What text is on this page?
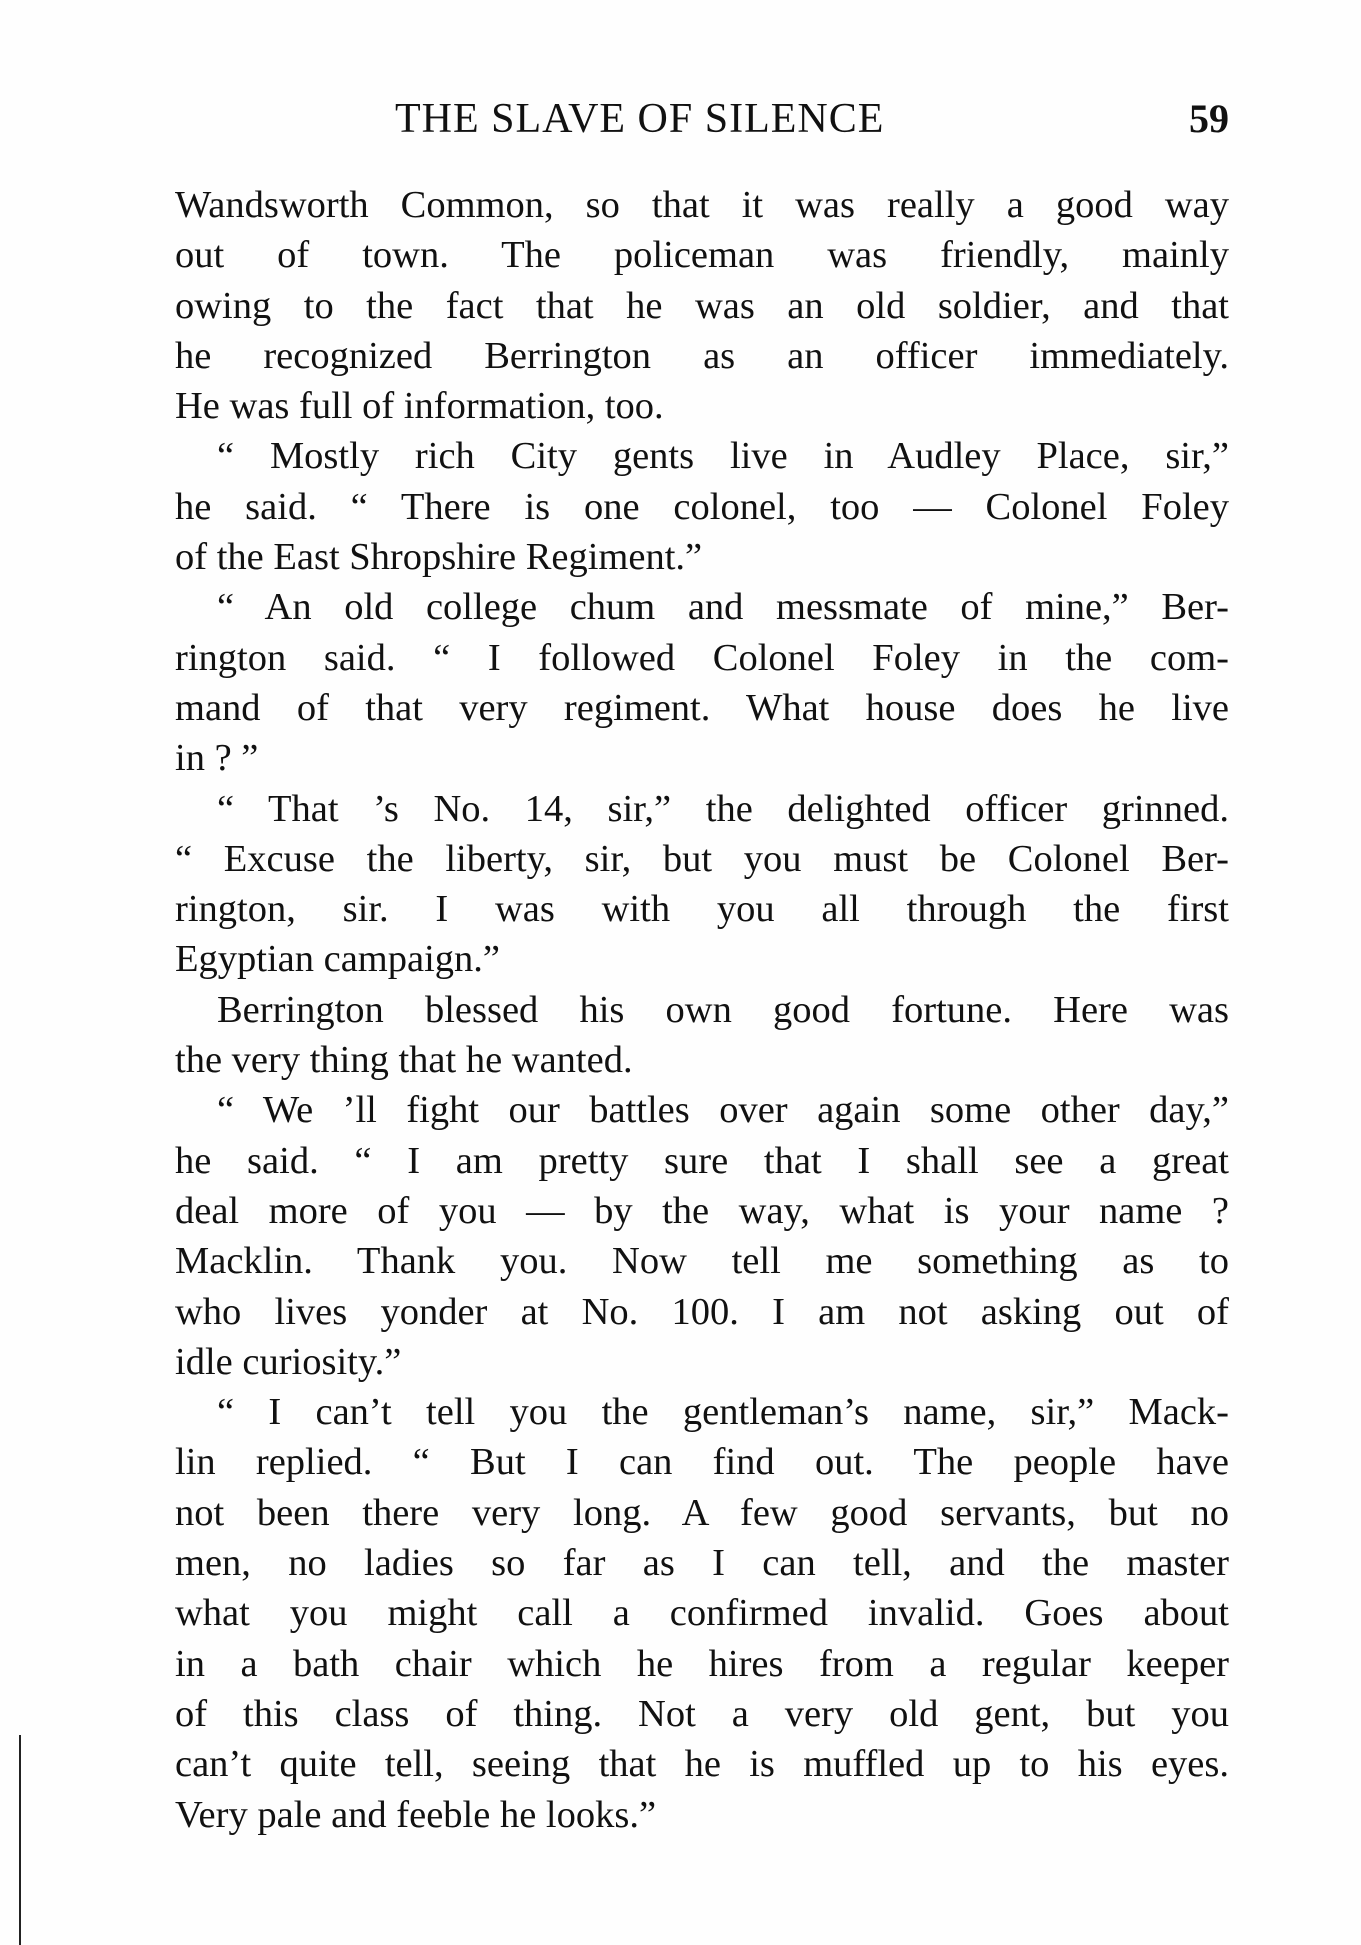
THE SLAVE OF SILENCE	59
Wandsworth Common, so that it was really a good way
out of town. The policeman was friendly, mainly
owing to the fact that he was an old soldier, and that
he recognized Berrington as an officer immediately.
He was full of information, too.
“ Mostly rich City gents live in Audley Place, sir,”
he said. “ There is one colonel, too — Colonel Foley
of the East Shropshire Regiment.”
“ An old college chum and messmate of mine,” Ber-
rington said. “ I followed Colonel Foley in the com-
mand of that very regiment. What house does he live
in ? ”
“ That ’s No. 14, sir,” the delighted officer grinned.
“ Excuse the liberty, sir, but you must be Colonel Ber-
rington, sir. I was with you all through the first
Egyptian campaign.”
Berrington blessed his own good fortune. Here was
the very thing that he wanted.
“ We ’ll fight our battles over again some other day,”
he said. “ I am pretty sure that I shall see a great
deal more of you — by the way, what is your name ?
Macklin. Thank you. Now tell me something as to
who lives yonder at No. 100. I am not asking out of
idle curiosity.”
“ I can’t tell you the gentleman’s name, sir,” Mack-
lin replied. “ But I can find out. The people have
not been there very long. A few good servants, but no
men, no ladies so far as I can tell, and the master
what you might call a confirmed invalid. Goes about
in a bath chair which he hires from a regular keeper
of this class of thing. Not a very old gent, but you
can’t quite tell, seeing that he is muffled up to his eyes.
Very pale and feeble he looks.”
